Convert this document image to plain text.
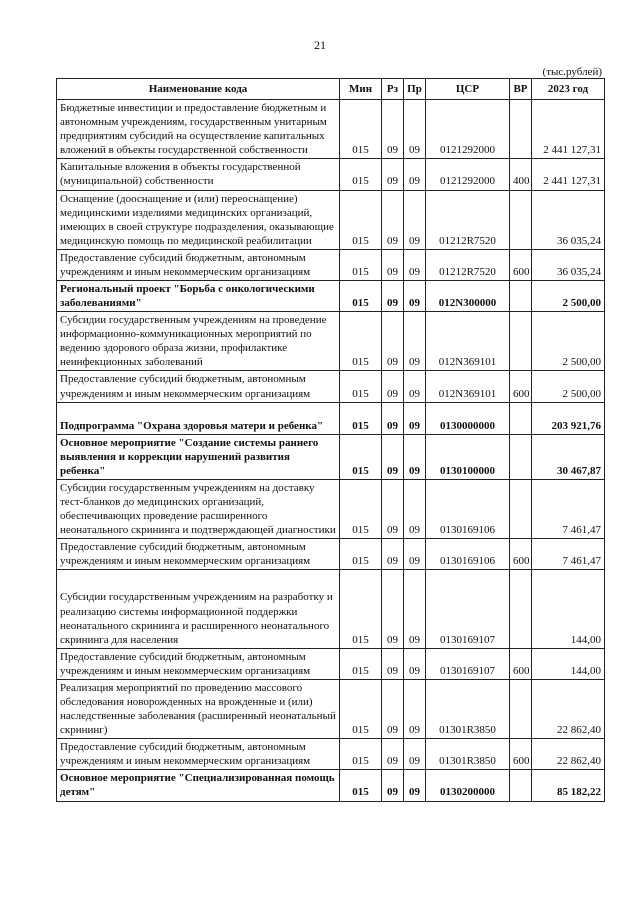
21
(тыс.рублей)
Наименование кода	Мин	Рз	Пр	ЦСР	ВР	2023 год
Бюджетные инвестиции и предоставление бюджетным и автономным учреждениям, государственным унитарным предприятиям субсидий на осуществление капитальных вложений в объекты государственной собственности	015	09	09	0121292000		2 441 127,31
Капитальные вложения в объекты государственной (муниципальной) собственности	015	09	09	0121292000	400	2 441 127,31
Оснащение (дооснащение и (или) переоснащение) медицинскими изделиями медицинских организаций, имеющих в своей структуре подразделения, оказывающие медицинскую помощь по медицинской реабилитации	015	09	09	01212R7520		36 035,24
Предоставление субсидий бюджетным, автономным учреждениям и иным некоммерческим организациям	015	09	09	01212R7520	600	36 035,24
Региональный проект "Борьба с онкологическими заболеваниями"	015	09	09	012N300000		2 500,00
Субсидии государственным учреждениям на проведение информационно-коммуникационных мероприятий по ведению здорового образа жизни, профилактике неинфекционных заболеваний	015	09	09	012N369101		2 500,00
Предоставление субсидий бюджетным, автономным учреждениям и иным некоммерческим организациям	015	09	09	012N369101	600	2 500,00
Подпрограмма "Охрана здоровья матери и ребенка"	015	09	09	0130000000		203 921,76
Основное мероприятие "Создание системы раннего выявления и коррекции нарушений развития ребенка"	015	09	09	0130100000		30 467,87
Субсидии государственным учреждениям на доставку тест-бланков до медицинских организаций, обеспечивающих проведение расширенного неонатального скрининга и подтверждающей диагностики	015	09	09	0130169106		7 461,47
Предоставление субсидий бюджетным, автономным учреждениям и иным некоммерческим организациям	015	09	09	0130169106	600	7 461,47
Субсидии государственным учреждениям на разработку и реализацию системы информационной поддержки неонатального скрининга и расширенного неонатального скрининга для населения	015	09	09	0130169107		144,00
Предоставление субсидий бюджетным, автономным учреждениям и иным некоммерческим организациям	015	09	09	0130169107	600	144,00
Реализация мероприятий по проведению массового обследования новорожденных на врожденные и (или) наследственные заболевания (расширенный неонатальный скрининг)	015	09	09	01301R3850		22 862,40
Предоставление субсидий бюджетным, автономным учреждениям и иным некоммерческим организациям	015	09	09	01301R3850	600	22 862,40
Основное мероприятие "Специализированная помощь детям"	015	09	09	0130200000		85 182,22
